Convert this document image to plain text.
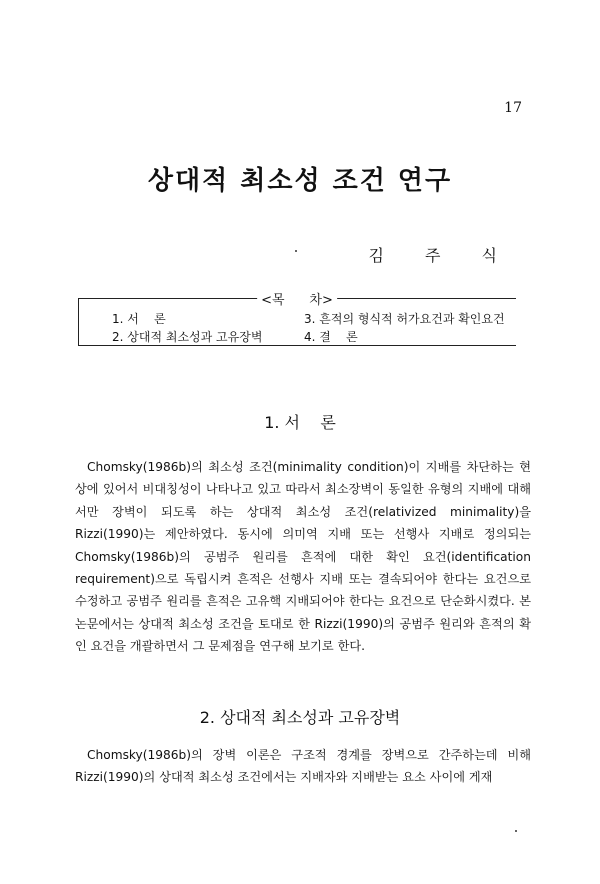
17
상대적 최소성 조건 연구
김 주 식
<목      차>
1. 서    론
2. 상대적 최소성과 고유장벽
3. 흔적의 형식적 허가요건과 확인요건
4. 결    론
1. 서    론
Chomsky(1986b)의 최소성 조건(minimality condition)이 지배를 차단하는 현상에 있어서 비대칭성이 나타나고 있고 따라서 최소장벽이 동일한 유형의 지배에 대해서만 장벽이 되도록 하는 상대적 최소성 조건(relativized minimality)을 Rizzi(1990)는 제안하였다. 동시에 의미역 지배 또는 선행사 지배로 정의되는 Chomsky(1986b)의 공범주 원리를 흔적에 대한 확인 요건(identification requirement)으로 독립시켜 흔적은 선행사 지배 또는 결속되어야 한다는 요건으로 수정하고 공범주 원리를 흔적은 고유핵 지배되어야 한다는 요건으로 단순화시켰다. 본 논문에서는 상대적 최소성 조건을 토대로 한 Rizzi(1990)의 공범주 원리와 흔적의 확인 요건을 개괄하면서 그 문제점을 연구해 보기로 한다.
2. 상대적 최소성과 고유장벽
Chomsky(1986b)의 장벽 이론은 구조적 경계를 장벽으로 간주하는데 비해 Rizzi(1990)의 상대적 최소성 조건에서는 지배자와 지배받는 요소 사이에 게재
